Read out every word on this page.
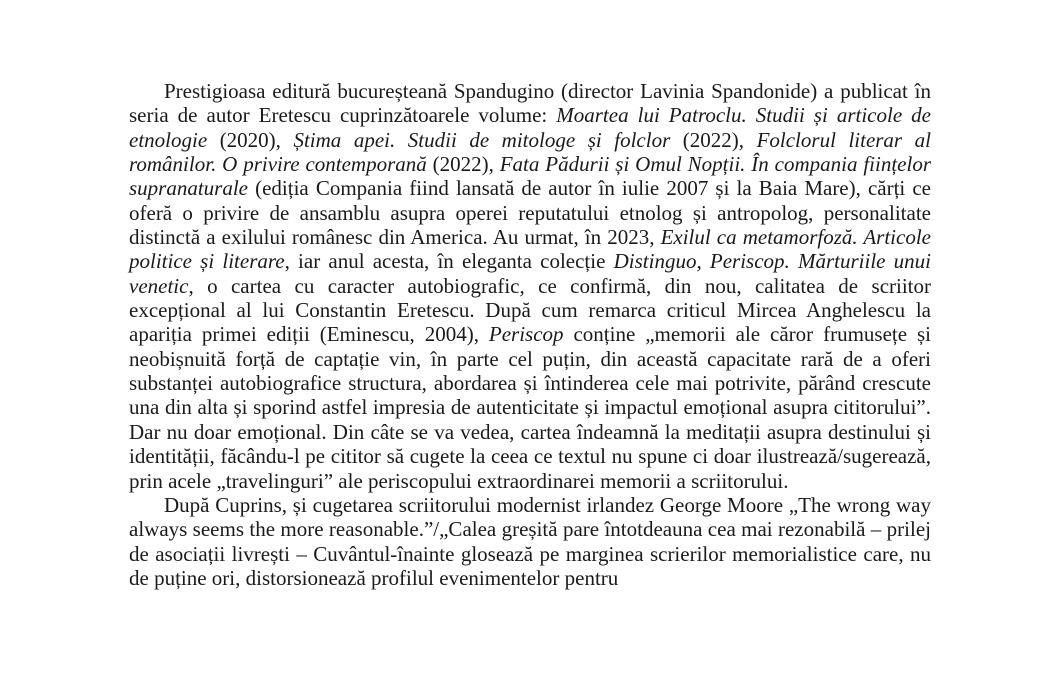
Prestigioasa editură bucureșteană Spandugino (director Lavinia Spandonide) a publicat în seria de autor Eretescu cuprinzătoarele volume: Moartea lui Patroclu. Studii și articole de etnologie (2020), Știma apei. Studii de mitologe și folclor (2022), Folclorul literar al românilor. O privire contemporană (2022), Fata Pădurii și Omul Nopții. În compania ființelor supranaturale (ediția Compania fiind lansată de autor în iulie 2007 și la Baia Mare), cărți ce oferă o privire de ansamblu asupra operei reputatului etnolog și antropolog, personalitate distinctă a exilului românesc din America. Au urmat, în 2023, Exilul ca metamorfoză. Articole politice și literare, iar anul acesta, în eleganta colecție Distinguo, Periscop. Mărturiile unui venetic, o cartea cu caracter autobiografic, ce confirmă, din nou, calitatea de scriitor excepțional al lui Constantin Eretescu. După cum remarca criticul Mircea Anghelescu la apariția primei ediții (Eminescu, 2004), Periscop conține „memorii ale căror frumusețe și neobișnuită forță de captație vin, în parte cel puțin, din această capacitate rară de a oferi substanței autobiografice structura, abordarea și întinderea cele mai potrivite, părând crescute una din alta și sporind astfel impresia de autenticitate și impactul emoțional asupra cititorului”. Dar nu doar emoțional. Din câte se va vedea, cartea îndeamnă la meditații asupra destinului și identității, făcându-l pe cititor să cugete la ceea ce textul nu spune ci doar ilustrează/sugerează, prin acele „travelinguri” ale periscopului extraordinarei memorii a scriitorului.

După Cuprins, și cugetarea scriitorului modernist irlandez George Moore „The wrong way always seems the more reasonable.”/„Calea greșită pare întotdeauna cea mai rezonabilă – prilej de asociații livrești – Cuvântul-înainte glosează pe marginea scrierilor memorialistice care, nu de puține ori, distorsionează profilul evenimentelor pentru
